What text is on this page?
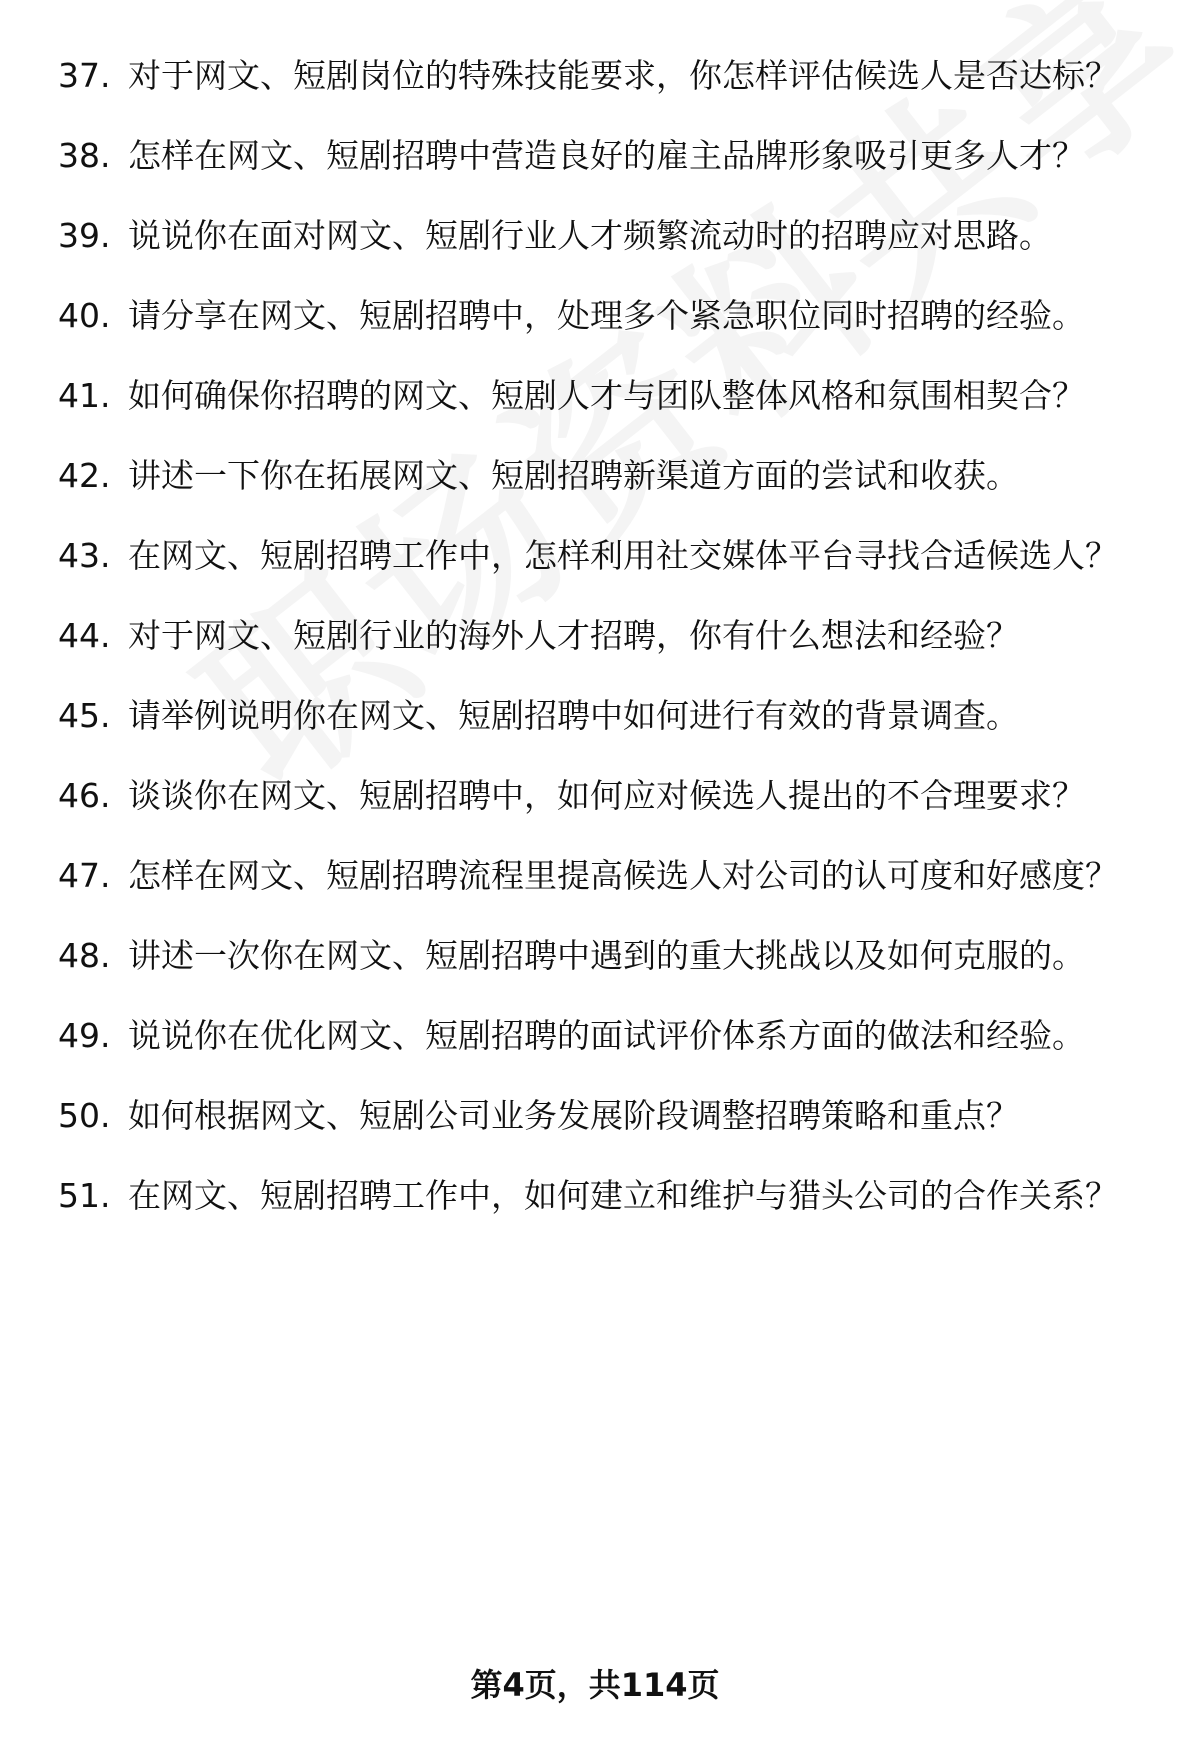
37. 对于网文、短剧岗位的特殊技能要求，你怎样评估候选人是否达标？
38. 怎样在网文、短剧招聘中营造良好的雇主品牌形象吸引更多人才？
39. 说说你在面对网文、短剧行业人才频繁流动时的招聘应对思路。
40. 请分享在网文、短剧招聘中，处理多个紧急职位同时招聘的经验。
41. 如何确保你招聘的网文、短剧人才与团队整体风格和氛围相契合？
42. 讲述一下你在拓展网文、短剧招聘新渠道方面的尝试和收获。
43. 在网文、短剧招聘工作中，怎样利用社交媒体平台寻找合适候选人？
44. 对于网文、短剧行业的海外人才招聘，你有什么想法和经验？
45. 请举例说明你在网文、短剧招聘中如何进行有效的背景调查。
46. 谈谈你在网文、短剧招聘中，如何应对候选人提出的不合理要求？
47. 怎样在网文、短剧招聘流程里提高候选人对公司的认可度和好感度？
48. 讲述一次你在网文、短剧招聘中遇到的重大挑战以及如何克服的。
49. 说说你在优化网文、短剧招聘的面试评价体系方面的做法和经验。
50. 如何根据网文、短剧公司业务发展阶段调整招聘策略和重点？
51. 在网文、短剧招聘工作中，如何建立和维护与猎头公司的合作关系？
第4页，共114页
